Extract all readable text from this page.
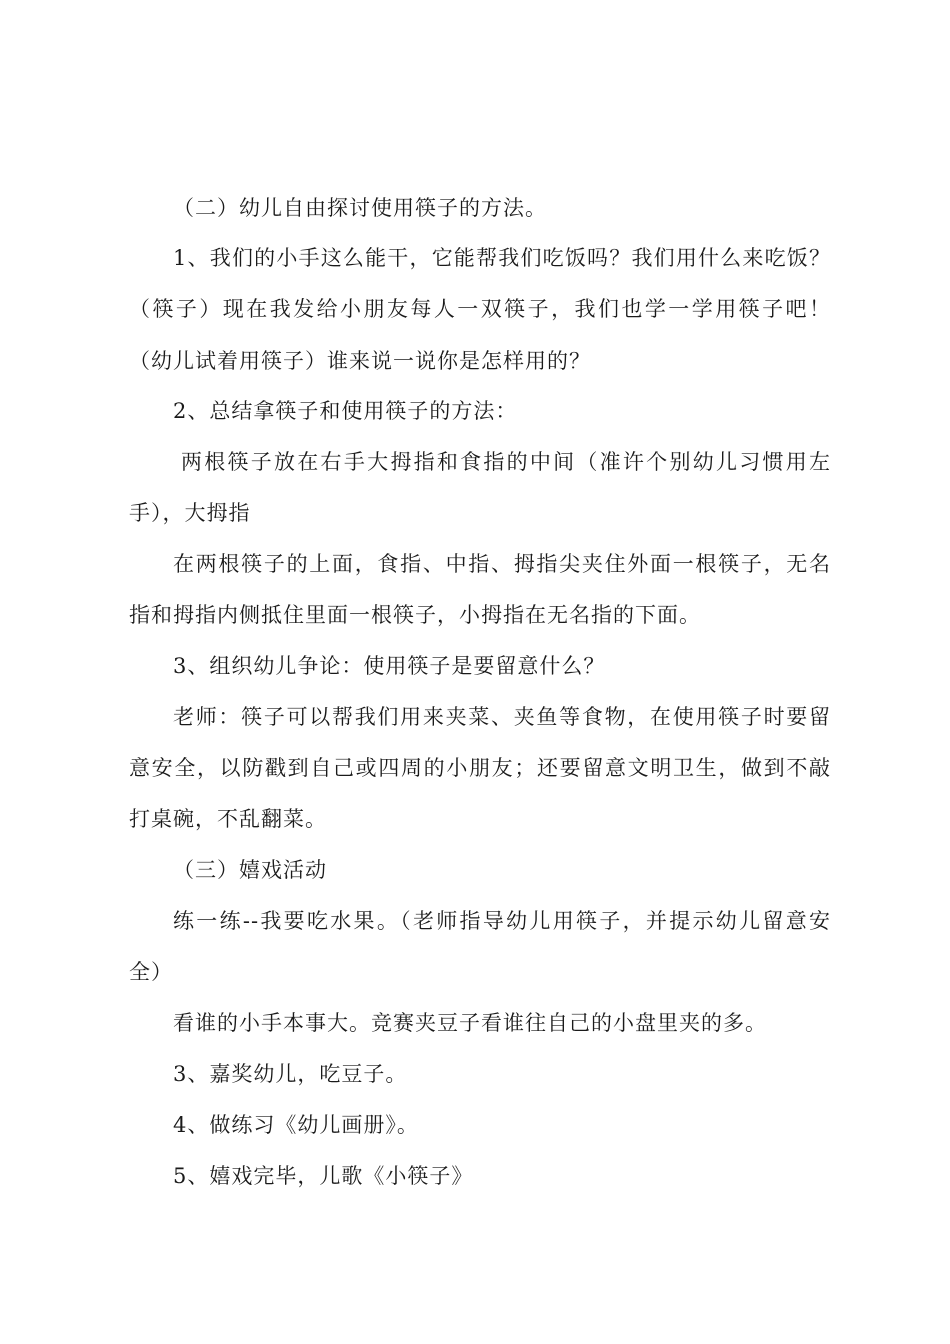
（二）幼儿自由探讨使用筷子的方法。
1、我们的小手这么能干，它能帮我们吃饭吗？我们用什么来吃饭？
（筷子）现在我发给小朋友每人一双筷子，我们也学一学用筷子吧！
（幼儿试着用筷子）谁来说一说你是怎样用的？
2、总结拿筷子和使用筷子的方法：
两根筷子放在右手大拇指和食指的中间（准许个别幼儿习惯用左
手），大拇指
在两根筷子的上面，食指、中指、拇指尖夹住外面一根筷子，无名
指和拇指内侧抵住里面一根筷子，小拇指在无名指的下面。
3、组织幼儿争论：使用筷子是要留意什么？
老师：筷子可以帮我们用来夹菜、夹鱼等食物，在使用筷子时要留
意安全，以防戳到自己或四周的小朋友；还要留意文明卫生，做到不敲
打桌碗，不乱翻菜。
（三）嬉戏活动
练一练--我要吃水果。（老师指导幼儿用筷子，并提示幼儿留意安
全）
看谁的小手本事大。竞赛夹豆子看谁往自己的小盘里夹的多。
3、嘉奖幼儿，吃豆子。
4、做练习《幼儿画册》。
5、嬉戏完毕，儿歌《小筷子》
